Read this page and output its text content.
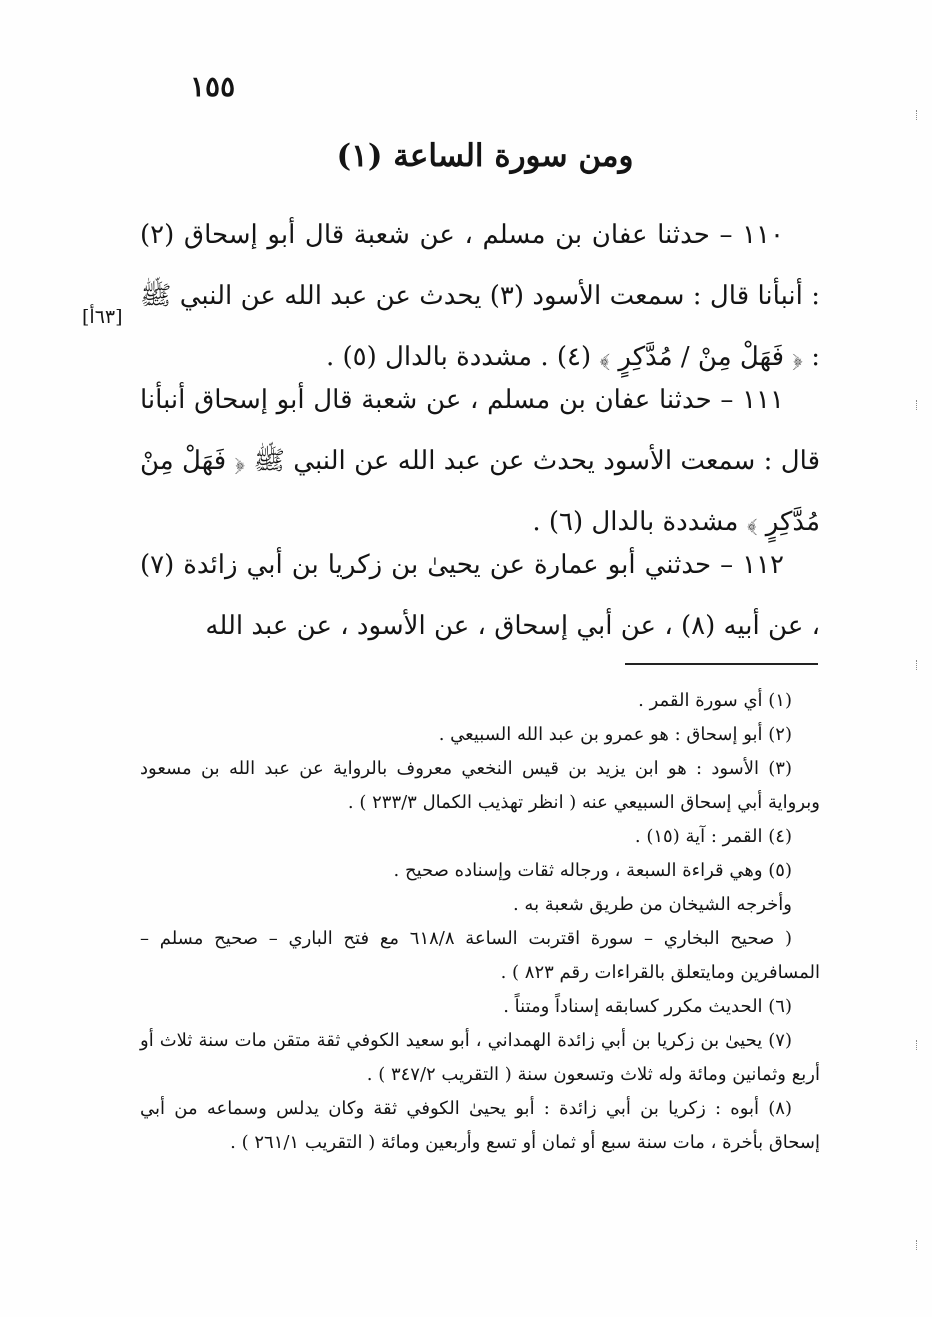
١٥٥
ومن سورة الساعة (١)
[٦٣أ]

١١٠ – حدثنا عفان بن مسلم ، عن شعبة قال أبو إسحاق (٢) : أنبأنا قال : سمعت الأسود (٣) يحدث عن عبد الله عن النبي ﷺ : ﴿ فَهَلْ مِنْ / مُدَّكِرٍ ﴾ (٤) . مشددة بالدال (٥) .

١١١ – حدثنا عفان بن مسلم ، عن شعبة قال أبو إسحاق أنبأنا قال : سمعت الأسود يحدث عن عبد الله عن النبي ﷺ ﴿ فَهَلْ مِنْ مُدَّكِرٍ ﴾ مشددة بالدال (٦) .

١١٢ – حدثني أبو عمارة عن يحيىٰ بن زكريا بن أبي زائدة (٧) ، عن أبيه (٨) ، عن أبي إسحاق ، عن الأسود ، عن عبد الله

(١) أي سورة القمر .

(٢) أبو إسحاق : هو عمرو بن عبد الله السبيعي .

(٣) الأسود : هو ابن يزيد بن قيس النخعي معروف بالرواية عن عبد الله بن مسعود وبرواية أبي إسحاق السبيعي عنه ( انظر تهذيب الكمال ٢٣٣/٣ ) .

(٤) القمر : آية (١٥) .

(٥) وهي قراءة السبعة ، ورجاله ثقات وإسناده صحيح .

وأخرجه الشيخان من طريق شعبة به .

( صحيح البخاري – سورة اقتربت الساعة ٦١٨/٨ مع فتح الباري – صحيح مسلم – المسافرين ومايتعلق بالقراءات رقم ٨٢٣ ) .

(٦) الحديث مكرر كسابقه إسناداً ومتناً .

(٧) يحيىٰ بن زكريا بن أبي زائدة الهمداني ، أبو سعيد الكوفي ثقة متقن مات سنة ثلاث أو أربع وثمانين ومائة وله ثلاث وتسعون سنة ( التقريب ٣٤٧/٢ ) .

(٨) أبوه : زكريا بن أبي زائدة : أبو يحيىٰ الكوفي ثقة وكان يدلس وسماعه من أبي إسحاق بأخرة ، مات سنة سبع أو ثمان أو تسع وأربعين ومائة ( التقريب ٢٦١/١ ) .
